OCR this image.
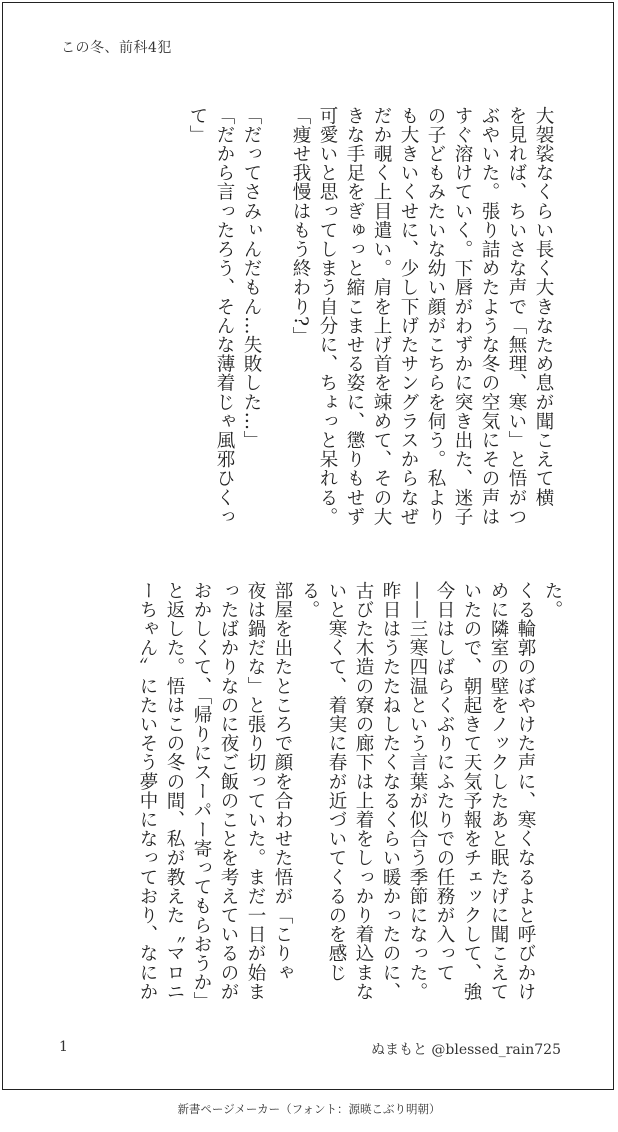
この冬、前科4犯
大袈裟なくらい長く大きなため息が聞こえて横
を見れば、ちいさな声で「無理、寒い」と悟がつ
ぶやいた。張り詰めたような冬の空気にその声は
すぐ溶けていく。下唇がわずかに突き出た、迷子
の子どもみたいな幼い顔がこちらを伺う。私より
も大きいくせに、少し下げたサングラスからなぜ
だか覗く上目遣い。肩を上げ首を竦めて、その大
きな手足をぎゅっと縮こませる姿に、懲りもせず
可愛いと思ってしまう自分に、ちょっと呆れる。
「痩せ我慢はもう終わり?」
「だってさみぃんだもん…失敗した…」
「だから言ったろう、そんな薄着じゃ風邪ひくっ
て」
た。
くる輪郭のぼやけた声に、寒くなるよと呼びかけ
めに隣室の壁をノックしたあと眠たげに聞こえて
いたので、朝起きて天気予報をチェックして、強
今日はしばらくぶりにふたりでの任務が入って
——三寒四温という言葉が似合う季節になった。
昨日はうたたねしたくなるくらい暖かったのに、
古びた木造の寮の廊下は上着をしっかり着込まな
いと寒くて、着実に春が近づいてくるのを感じる。
部屋を出たところで顔を合わせた悟が「こりゃ
夜は鍋だな」と張り切っていた。まだ一日が始ま
ったばかりなのに夜ご飯のことを考えているのが
おかしくて、「帰りにスーパー寄ってもらおうか」
と返した。悟はこの冬の間、私が教えた〝マロニ
ーちゃん〟にたいそう夢中になっており、なにか
1	ぬまもと @blessed_rain725
新書ページメーカー（フォント：源暎こぶり明朝）
